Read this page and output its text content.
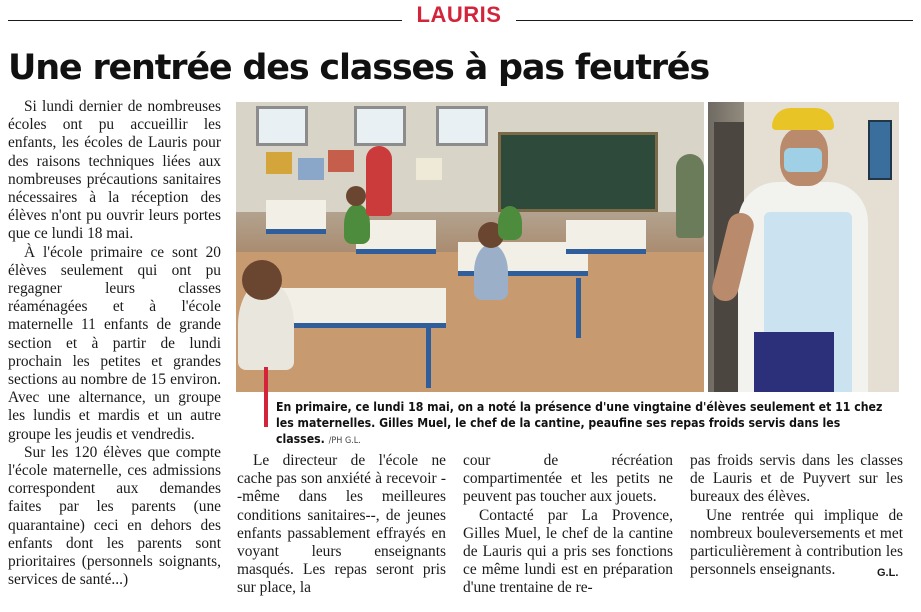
LAURIS
Une rentrée des classes à pas feutrés

Si lundi dernier de nombreuses écoles ont pu accueillir les enfants, les écoles de Lauris pour des raisons techniques liées aux nombreuses précautions sanitaires nécessaires à la réception des élèves n'ont pu ouvrir leurs portes que ce lundi 18 mai.

À l'école primaire ce sont 20 élèves seulement qui ont pu regagner leurs classes réaménagées et à l'école maternelle 11 enfants de grande section et à partir de lundi prochain les petites et grandes sections au nombre de 15 environ. Avec une alternance, un groupe les lundis et mardis et un autre groupe les jeudis et vendredis.

Sur les 120 élèves que compte l'école maternelle, ces admissions correspondent aux demandes faites par les parents (une quarantaine) ceci en dehors des enfants dont les parents sont prioritaires (personnels soignants, services de santé...)

En primaire, ce lundi 18 mai, on a noté la présence d'une vingtaine d'élèves seulement et 11 chez les maternelles. Gilles Muel, le chef de la cantine, peaufine ses repas froids servis dans les classes. /PH G.L.

Le directeur de l'école ne cache pas son anxiété à recevoir --même dans les meilleures conditions sanitaires--, de jeunes enfants passablement effrayés en voyant leurs enseignants masqués. Les repas seront pris sur place, la

cour de récréation compartimentée et les petits ne peuvent pas toucher aux jouets.

Contacté par La Provence, Gilles Muel, le chef de la cantine de Lauris qui a pris ses fonctions ce même lundi est en préparation d'une trentaine de re-

pas froids servis dans les classes de Lauris et de Puyvert sur les bureaux des élèves.

Une rentrée qui implique de nombreux bouleversements et met particulièrement à contribution les personnels enseignants.	G.L.
